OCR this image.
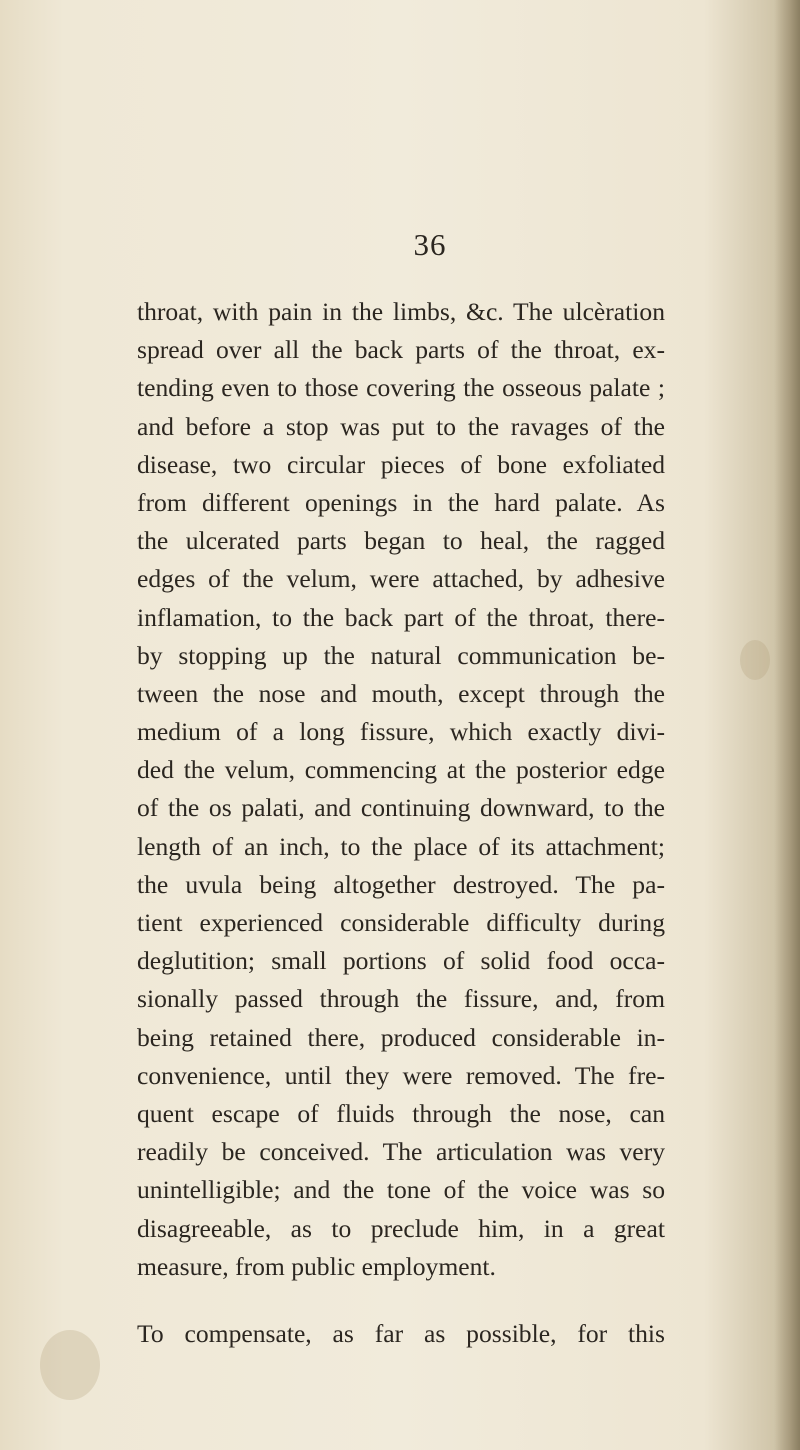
36
throat, with pain in the limbs, &c. The ulcèration
spread over all the back parts of the throat, ex-
tending even to those covering the osseous palate ;
and before a stop was put to the ravages of the
disease, two circular pieces of bone exfoliated
from different openings in the hard palate. As
the ulcerated parts began to heal, the ragged
edges of the velum, were attached, by adhesive
inflamation, to the back part of the throat, there-
by stopping up the natural communication be-
tween the nose and mouth, except through the
medium of a long fissure, which exactly divi-
ded the velum, commencing at the posterior edge
of the os palati, and continuing downward, to the
length of an inch, to the place of its attachment;
the uvula being altogether destroyed. The pa-
tient experienced considerable difficulty during
deglutition; small portions of solid food occa-
sionally passed through the fissure, and, from
being retained there, produced considerable in-
convenience, until they were removed. The fre-
quent escape of fluids through the nose, can
readily be conceived. The articulation was very
unintelligible; and the tone of the voice was so
disagreeable, as to preclude him, in a great
measure, from public employment.
To compensate, as far as possible, for this
